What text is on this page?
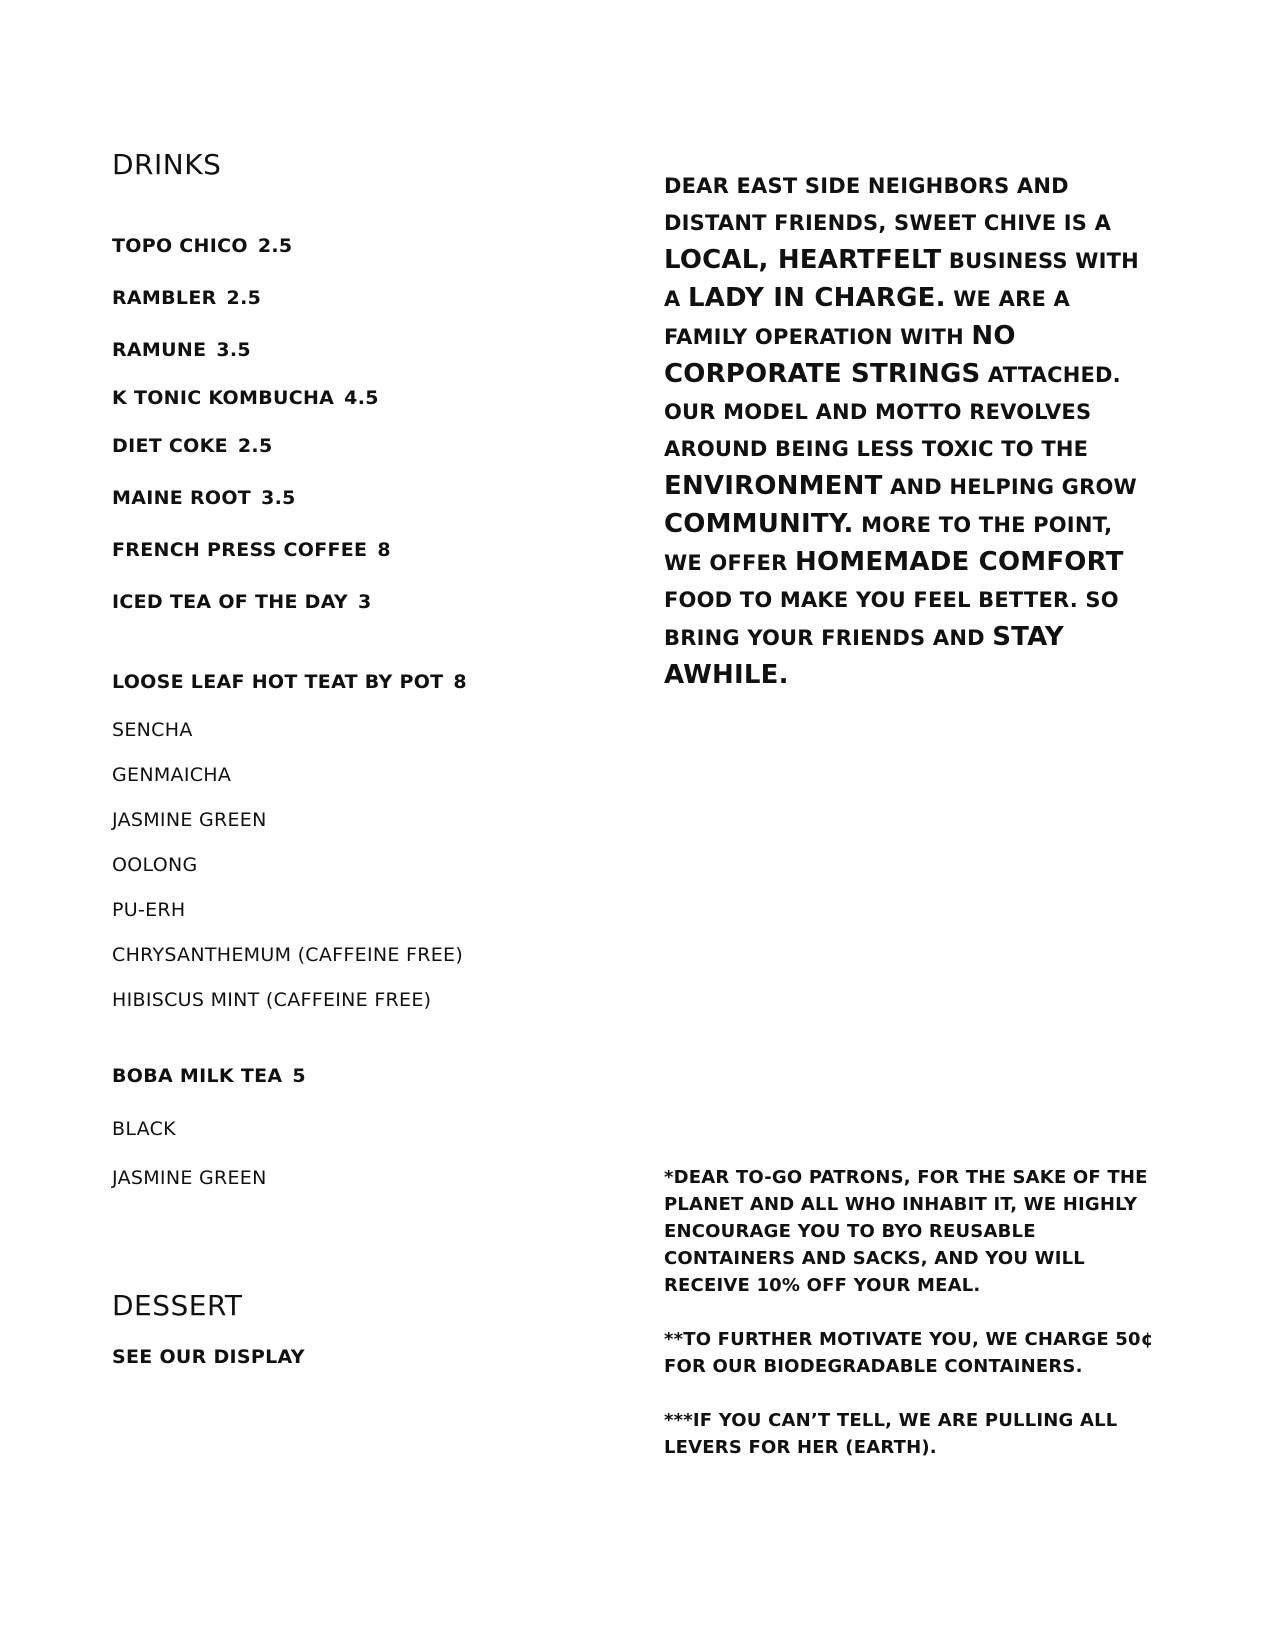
DRINKS
TOPO CHICO 2.5
RAMBLER 2.5
RAMUNE 3.5
K TONIC KOMBUCHA 4.5
DIET COKE 2.5
MAINE ROOT 3.5
FRENCH PRESS COFFEE 8
ICED TEA OF THE DAY 3
LOOSE LEAF HOT TEAT BY POT 8
SENCHA
GENMAICHA
JASMINE GREEN
OOLONG
PU-ERH
CHRYSANTHEMUM (CAFFEINE FREE)
HIBISCUS MINT (CAFFEINE FREE)
BOBA MILK TEA 5
BLACK
JASMINE GREEN
DESSERT
SEE OUR DISPLAY

DEAR EAST SIDE NEIGHBORS AND DISTANT FRIENDS, SWEET CHIVE IS A LOCAL, HEARTFELT BUSINESS WITH A LADY IN CHARGE. WE ARE A FAMILY OPERATION WITH NO CORPORATE STRINGS ATTACHED. OUR MODEL AND MOTTO REVOLVES AROUND BEING LESS TOXIC TO THE ENVIRONMENT AND HELPING GROW COMMUNITY. MORE TO THE POINT, WE OFFER HOMEMADE COMFORT FOOD TO MAKE YOU FEEL BETTER. SO BRING YOUR FRIENDS AND STAY AWHILE.

*DEAR TO-GO PATRONS, FOR THE SAKE OF THE PLANET AND ALL WHO INHABIT IT, WE HIGHLY ENCOURAGE YOU TO BYO REUSABLE CONTAINERS AND SACKS, AND YOU WILL RECEIVE 10% OFF YOUR MEAL.

**TO FURTHER MOTIVATE YOU, WE CHARGE 50¢ FOR OUR BIODEGRADABLE CONTAINERS.

***IF YOU CAN’T TELL, WE ARE PULLING ALL LEVERS FOR HER (EARTH).
